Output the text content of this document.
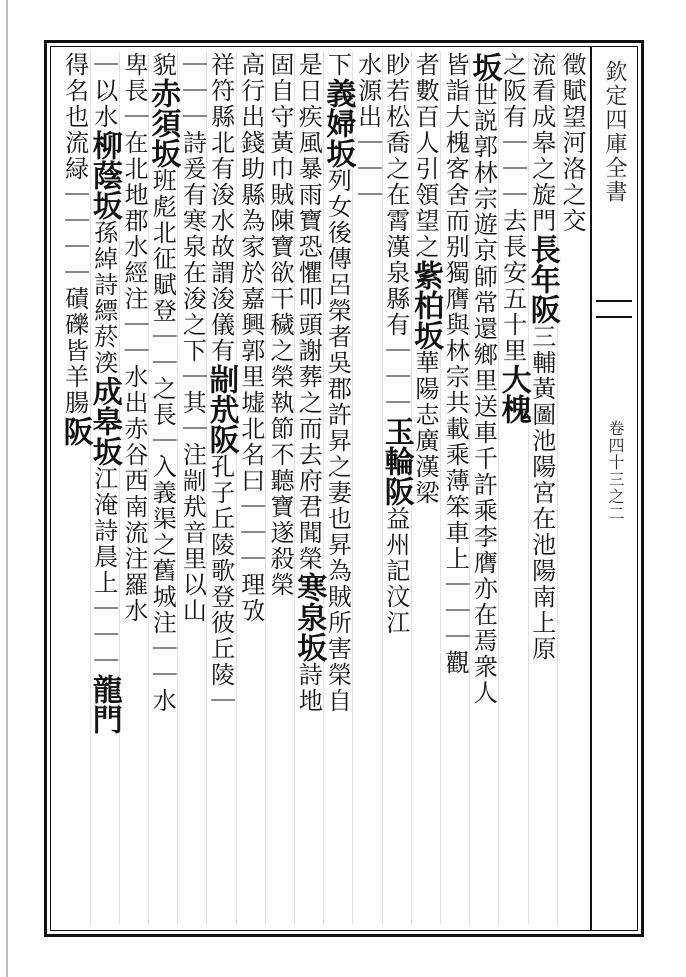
欽定四庫全書
卷四十三之二
徵賦望河洛之交
流看成皋之旋門長年阪三輔黃圖池陽宮在池陽南上原
之阪有｜｜｜去長安五十里大槐
坂世説郭林宗遊京師常還鄉里送車千許乘李膺亦在焉衆人
皆詣大槐客舍而别獨膺與林宗共載乘薄笨車上｜｜｜觀
者數百人引領望之紫柏坂華陽志廣漢梁
眇若松喬之在霄漢泉縣有｜｜｜玉輪阪益州記汶江
水源出｜｜｜
下義婦坂列女後傳呂榮者吳郡許昇之妻也昇為賊所害榮自
是日疾風暴雨寶恐懼叩頭謝葬之而去府君聞榮寒泉坂詩地
固自守黃巾賊陳寶欲干穢之榮執節不聽寶遂殺榮
高行出錢助縣為家於嘉興郭里墟北名曰｜｜｜理攷
祥符縣北有浚水故謂浚儀有剬㢤阪孔子丘陵歌登彼丘陵｜
｜｜｜詩爰有寒泉在浚之下｜其｜注剬㢤音里以山
貌赤須坂班彪北征賦登｜｜之長｜入義渠之舊城注｜｜水
卑長｜在北地郡水經注｜｜水出赤谷西南流注羅水
｜以水柳蔭坂孫綽詩縹菸湙成皋坂江淹詩晨上｜｜｜龍門
得名也流緑｜｜｜｜磧礫皆羊腸阪
